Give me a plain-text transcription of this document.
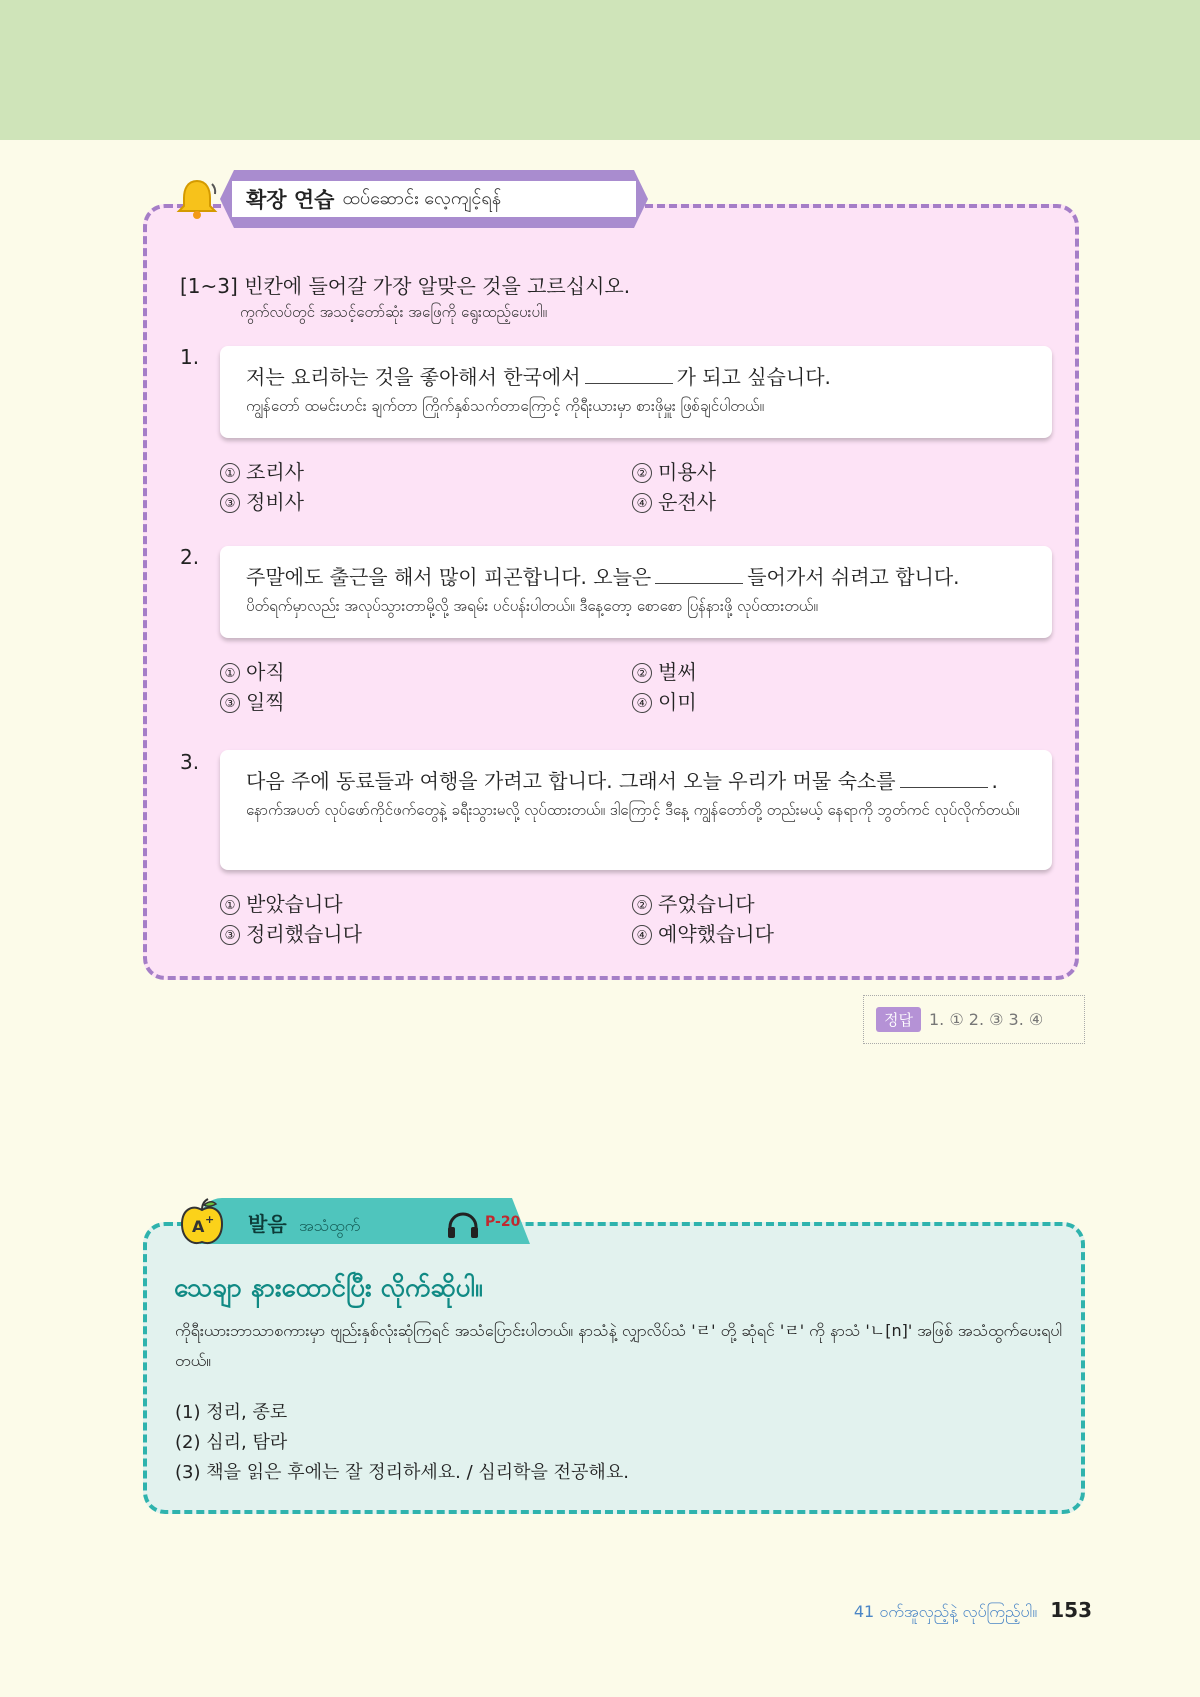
확장 연습 ထပ်ဆောင်း လေ့ကျင့်ရန်
[1~3] 빈칸에 들어갈 가장 알맞은 것을 고르십시오.
ကွက်လပ်တွင် အသင့်တော်ဆုံး အဖြေကို ရွေးထည့်ပေးပါ။
1.
저는 요리하는 것을 좋아해서 한국에서	가 되고 싶습니다.
ကျွန်တော် ထမင်းဟင်း ချက်တာ ကြိုက်နှစ်သက်တာကြောင့် ကိုရီးယားမှာ စားဖိုမှူး ဖြစ်ချင်ပါတယ်။
① 조리사	② 미용사
③ 정비사	④ 운전사
2.
주말에도 출근을 해서 많이 피곤합니다. 오늘은	들어가서 쉬려고 합니다.
ပိတ်ရက်မှာလည်း အလုပ်သွားတာမို့လို့ အရမ်း ပင်ပန်းပါတယ်။ ဒီနေ့တော့ စောစော ပြန်နားဖို့ လုပ်ထားတယ်။
① 아직	② 벌써
③ 일찍	④ 이미
3.
다음 주에 동료들과 여행을 가려고 합니다. 그래서 오늘 우리가 머물 숙소를	.
နောက်အပတ် လုပ်ဖော်ကိုင်ဖက်တွေနဲ့ ခရီးသွားမလို့ လုပ်ထားတယ်။ ဒါကြောင့် ဒီနေ့ ကျွန်တော်တို့ တည်းမယ့် နေရာကို ဘွတ်ကင် လုပ်လိုက်တယ်။
① 받았습니다	② 주었습니다
③ 정리했습니다	④ 예약했습니다
정답	1. ① 2. ③ 3. ④
A + 발음 အသံထွက်	P-20
သေချာ နားထောင်ပြီး လိုက်ဆိုပါ။
ကိုရီးယားဘာသာစကားမှာ ဗျည်းနှစ်လုံးဆုံကြရင် အသံပြောင်းပါတယ်။ နာသံနဲ့ လျှာလိပ်သံ 'ㄹ' တို့ ဆုံရင် 'ㄹ' ကို နာသံ 'ㄴ[n]' အဖြစ် အသံထွက်ပေးရပါတယ်။
(1) 정리, 종로
(2) 심리, 탐라
(3) 책을 읽은 후에는 잘 정리하세요. / 심리학을 전공해요.
41 ဝက်အူလှည့်နဲ့ လုပ်ကြည့်ပါ။ 153
